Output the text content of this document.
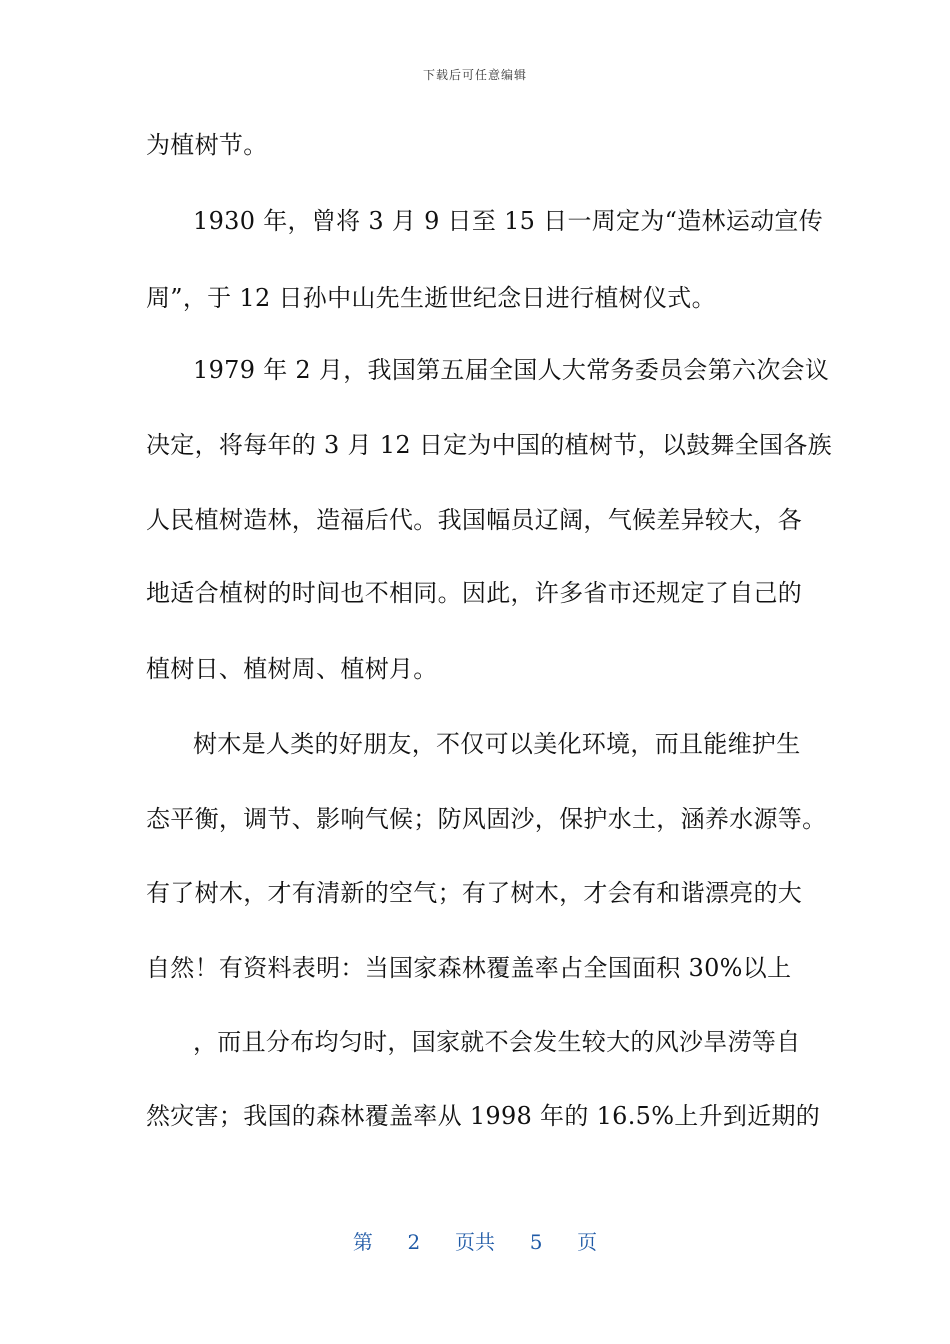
下载后可任意编辑
为植树节。
1930 年，曾将 3 月 9 日至 15 日一周定为“造林运动宣传
周”，于 12 日孙中山先生逝世纪念日进行植树仪式。
1979 年 2 月，我国第五届全国人大常务委员会第六次会议
决定，将每年的 3 月 12 日定为中国的植树节，以鼓舞全国各族
人民植树造林，造福后代。我国幅员辽阔，气候差异较大，各
地适合植树的时间也不相同。因此，许多省市还规定了自己的
植树日、植树周、植树月。
树木是人类的好朋友，不仅可以美化环境，而且能维护生
态平衡，调节、影响气候；防风固沙，保护水土，涵养水源等。
有了树木，才有清新的空气；有了树木，才会有和谐漂亮的大
自然！有资料表明：当国家森林覆盖率占全国面积 30%以上
，而且分布均匀时，国家就不会发生较大的风沙旱涝等自
然灾害；我国的森林覆盖率从 1998 年的 16.5%上升到近期的
第 2 页共 5 页
